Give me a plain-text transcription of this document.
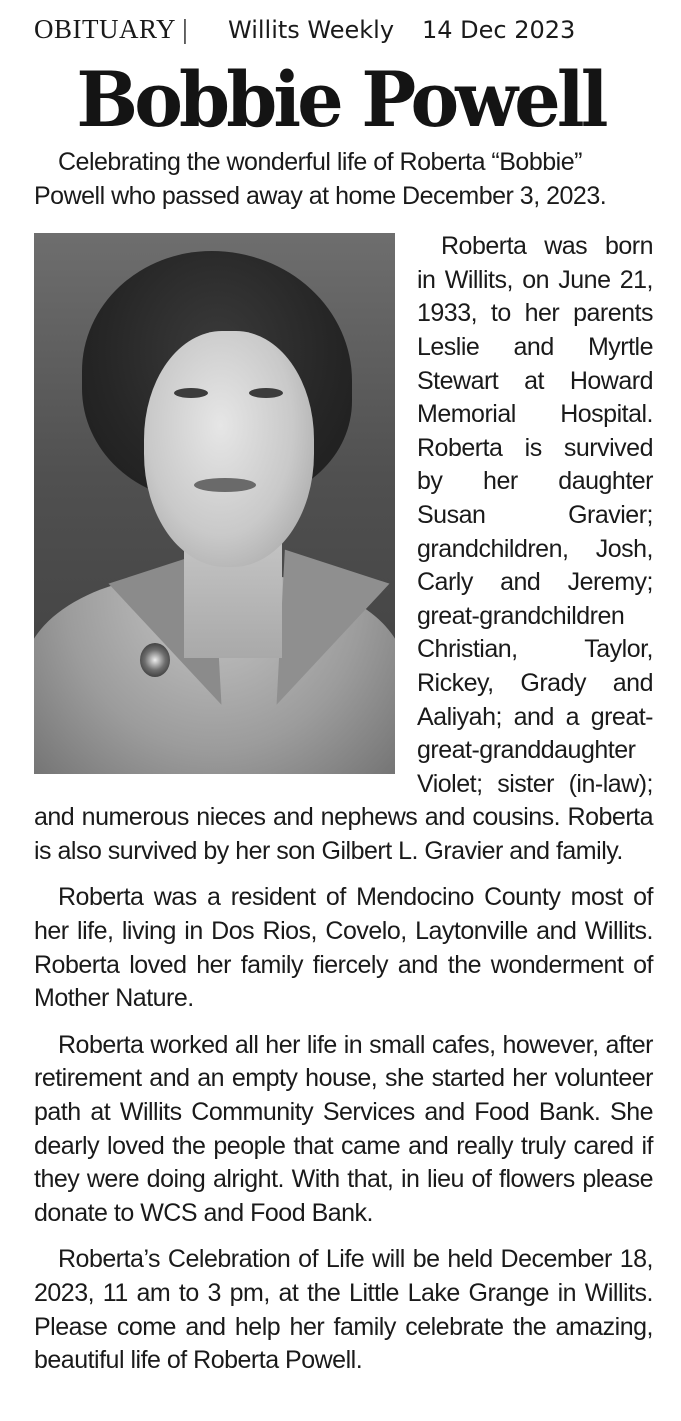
OBITUARY | Willits Weekly 14 Dec 2023
Bobbie Powell

Celebrating the wonderful life of Roberta “Bobbie” Powell who passed away at home December 3, 2023.

Roberta was born in Willits, on June 21, 1933, to her parents Leslie and Myrtle Stewart at Howard Memorial Hospital. Roberta is survived by her daughter Susan Gravier; grandchildren, Josh, Carly and Jeremy; great-grandchildren Christian, Taylor, Rickey, Grady and Aaliyah; and a great-great-granddaughter Violet; sister (in-law); and numerous nieces and nephews and cousins. Roberta is also survived by her son Gilbert L. Gravier and family.

Roberta was a resident of Mendocino County most of her life, living in Dos Rios, Covelo, Laytonville and Willits. Roberta loved her family fiercely and the wonderment of Mother Nature.

Roberta worked all her life in small cafes, however, after retirement and an empty house, she started her volunteer path at Willits Community Services and Food Bank. She dearly loved the people that came and really truly cared if they were doing alright. With that, in lieu of flowers please donate to WCS and Food Bank.

Roberta’s Celebration of Life will be held December 18, 2023, 11 am to 3 pm, at the Little Lake Grange in Willits. Please come and help her family celebrate the amazing, beautiful life of Roberta Powell.
